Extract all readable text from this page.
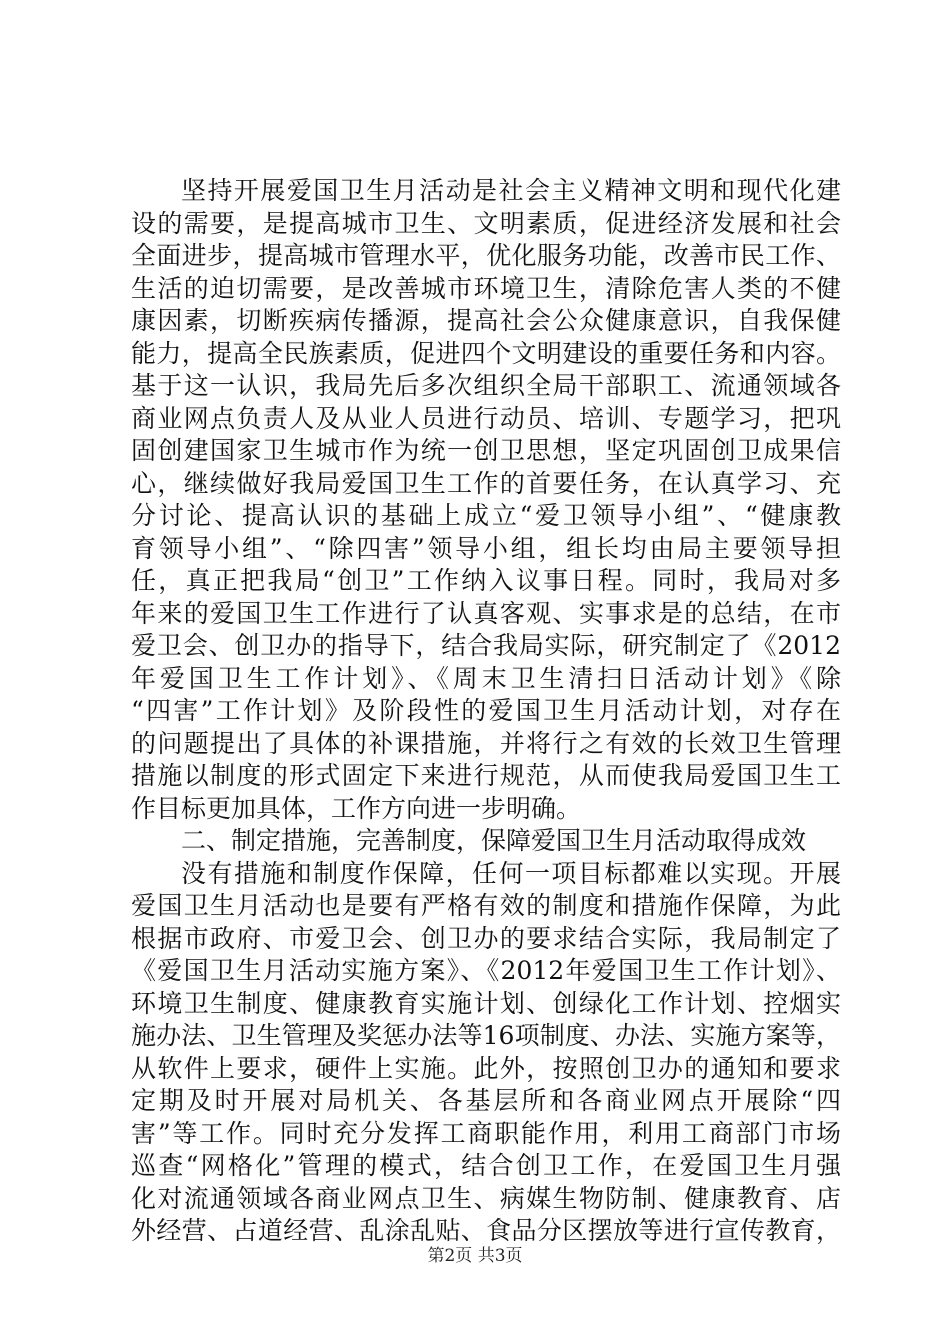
坚持开展爱国卫生月活动是社会主义精神文明和现代化建
设的需要，是提高城市卫生、文明素质，促进经济发展和社会
全面进步，提高城市管理水平，优化服务功能，改善市民工作、
生活的迫切需要，是改善城市环境卫生，清除危害人类的不健
康因素，切断疾病传播源，提高社会公众健康意识，自我保健
能力，提高全民族素质，促进四个文明建设的重要任务和内容。
基于这一认识，我局先后多次组织全局干部职工、流通领域各
商业网点负责人及从业人员进行动员、培训、专题学习，把巩
固创建国家卫生城市作为统一创卫思想，坚定巩固创卫成果信
心，继续做好我局爱国卫生工作的首要任务，在认真学习、充
分讨论、提高认识的基础上成立“爱卫领导小组”、“健康教
育领导小组”、“除四害”领导小组，组长均由局主要领导担
任，真正把我局“创卫”工作纳入议事日程。同时，我局对多
年来的爱国卫生工作进行了认真客观、实事求是的总结，在市
爱卫会、创卫办的指导下，结合我局实际，研究制定了《2012
年爱国卫生工作计划》、《周末卫生清扫日活动计划》《除
“四害”工作计划》及阶段性的爱国卫生月活动计划，对存在
的问题提出了具体的补课措施，并将行之有效的长效卫生管理
措施以制度的形式固定下来进行规范，从而使我局爱国卫生工
作目标更加具体，工作方向进一步明确。
二、制定措施，完善制度，保障爱国卫生月活动取得成效
没有措施和制度作保障，任何一项目标都难以实现。开展
爱国卫生月活动也是要有严格有效的制度和措施作保障，为此
根据市政府、市爱卫会、创卫办的要求结合实际，我局制定了
《爱国卫生月活动实施方案》、《2012年爱国卫生工作计划》、
环境卫生制度、健康教育实施计划、创绿化工作计划、控烟实
施办法、卫生管理及奖惩办法等16项制度、办法、实施方案等，
从软件上要求，硬件上实施。此外，按照创卫办的通知和要求
定期及时开展对局机关、各基层所和各商业网点开展除“四
害”等工作。同时充分发挥工商职能作用，利用工商部门市场
巡查“网格化”管理的模式，结合创卫工作，在爱国卫生月强
化对流通领域各商业网点卫生、病媒生物防制、健康教育、店
外经营、占道经营、乱涂乱贴、食品分区摆放等进行宣传教育，
第2页 共3页
